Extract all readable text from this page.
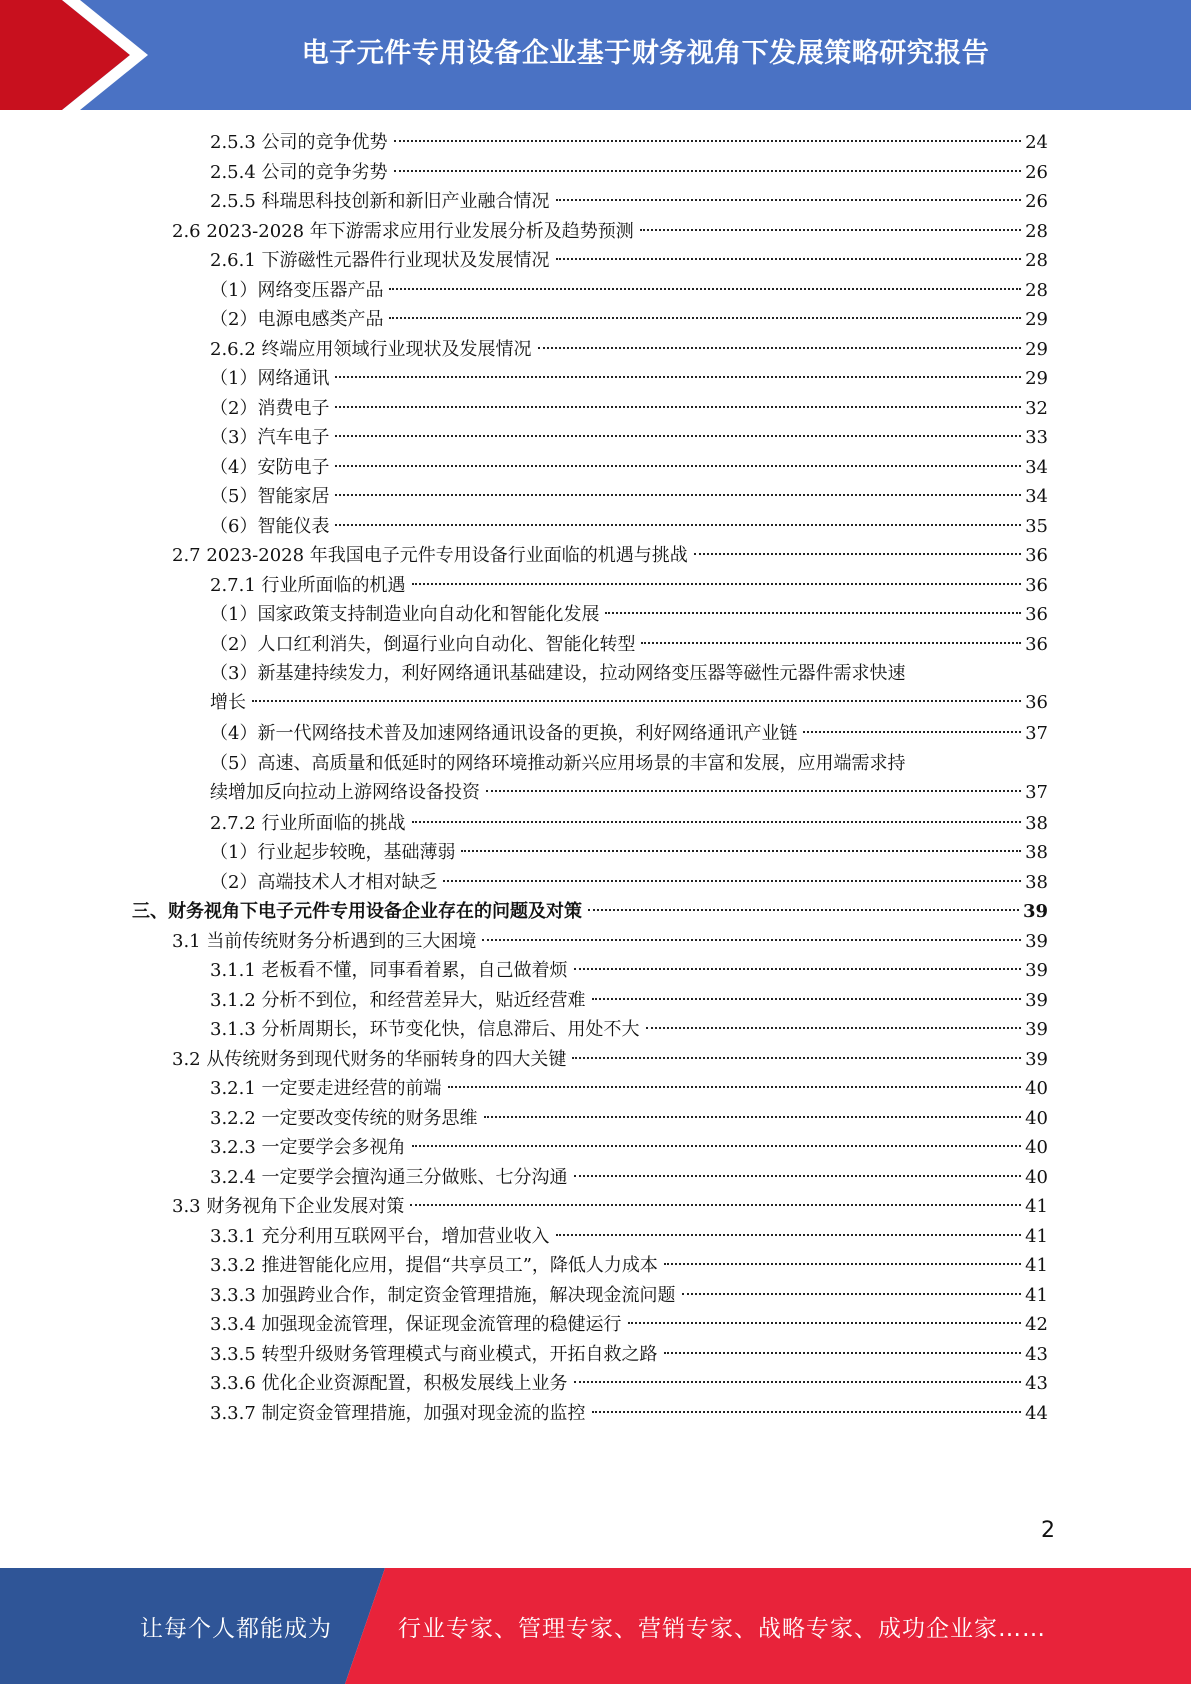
电子元件专用设备企业基于财务视角下发展策略研究报告
2.5.3 公司的竞争优势	24
2.5.4 公司的竞争劣势	26
2.5.5 科瑞思科技创新和新旧产业融合情况	26
2.6 2023-2028 年下游需求应用行业发展分析及趋势预测	28
2.6.1 下游磁性元器件行业现状及发展情况	28
（1）网络变压器产品	28
（2）电源电感类产品	29
2.6.2 终端应用领域行业现状及发展情况	29
（1）网络通讯	29
（2）消费电子	32
（3）汽车电子	33
（4）安防电子	34
（5）智能家居	34
（6）智能仪表	35
2.7 2023-2028 年我国电子元件专用设备行业面临的机遇与挑战	36
2.7.1 行业所面临的机遇	36
（1）国家政策支持制造业向自动化和智能化发展	36
（2）人口红利消失，倒逼行业向自动化、智能化转型	36
（3）新基建持续发力，利好网络通讯基础建设，拉动网络变压器等磁性元器件需求快速
增长	36
（4）新一代网络技术普及加速网络通讯设备的更换，利好网络通讯产业链	37
（5）高速、高质量和低延时的网络环境推动新兴应用场景的丰富和发展，应用端需求持
续增加反向拉动上游网络设备投资	37
2.7.2 行业所面临的挑战	38
（1）行业起步较晚，基础薄弱	38
（2）高端技术人才相对缺乏	38
三、财务视角下电子元件专用设备企业存在的问题及对策	39
3.1 当前传统财务分析遇到的三大困境	39
3.1.1 老板看不懂，同事看着累，自己做着烦	39
3.1.2 分析不到位，和经营差异大，贴近经营难	39
3.1.3 分析周期长，环节变化快，信息滞后、用处不大	39
3.2 从传统财务到现代财务的华丽转身的四大关键	39
3.2.1 一定要走进经营的前端	40
3.2.2 一定要改变传统的财务思维	40
3.2.3 一定要学会多视角	40
3.2.4 一定要学会擅沟通三分做账、七分沟通	40
3.3 财务视角下企业发展对策	41
3.3.1 充分利用互联网平台，增加营业收入	41
3.3.2 推进智能化应用，提倡“共享员工”，降低人力成本	41
3.3.3 加强跨业合作，制定资金管理措施，解决现金流问题	41
3.3.4 加强现金流管理，保证现金流管理的稳健运行	42
3.3.5 转型升级财务管理模式与商业模式，开拓自救之路	43
3.3.6 优化企业资源配置，积极发展线上业务	43
3.3.7 制定资金管理措施，加强对现金流的监控	44
2
让每个人都能成为	行业专家、管理专家、营销专家、战略专家、成功企业家……
